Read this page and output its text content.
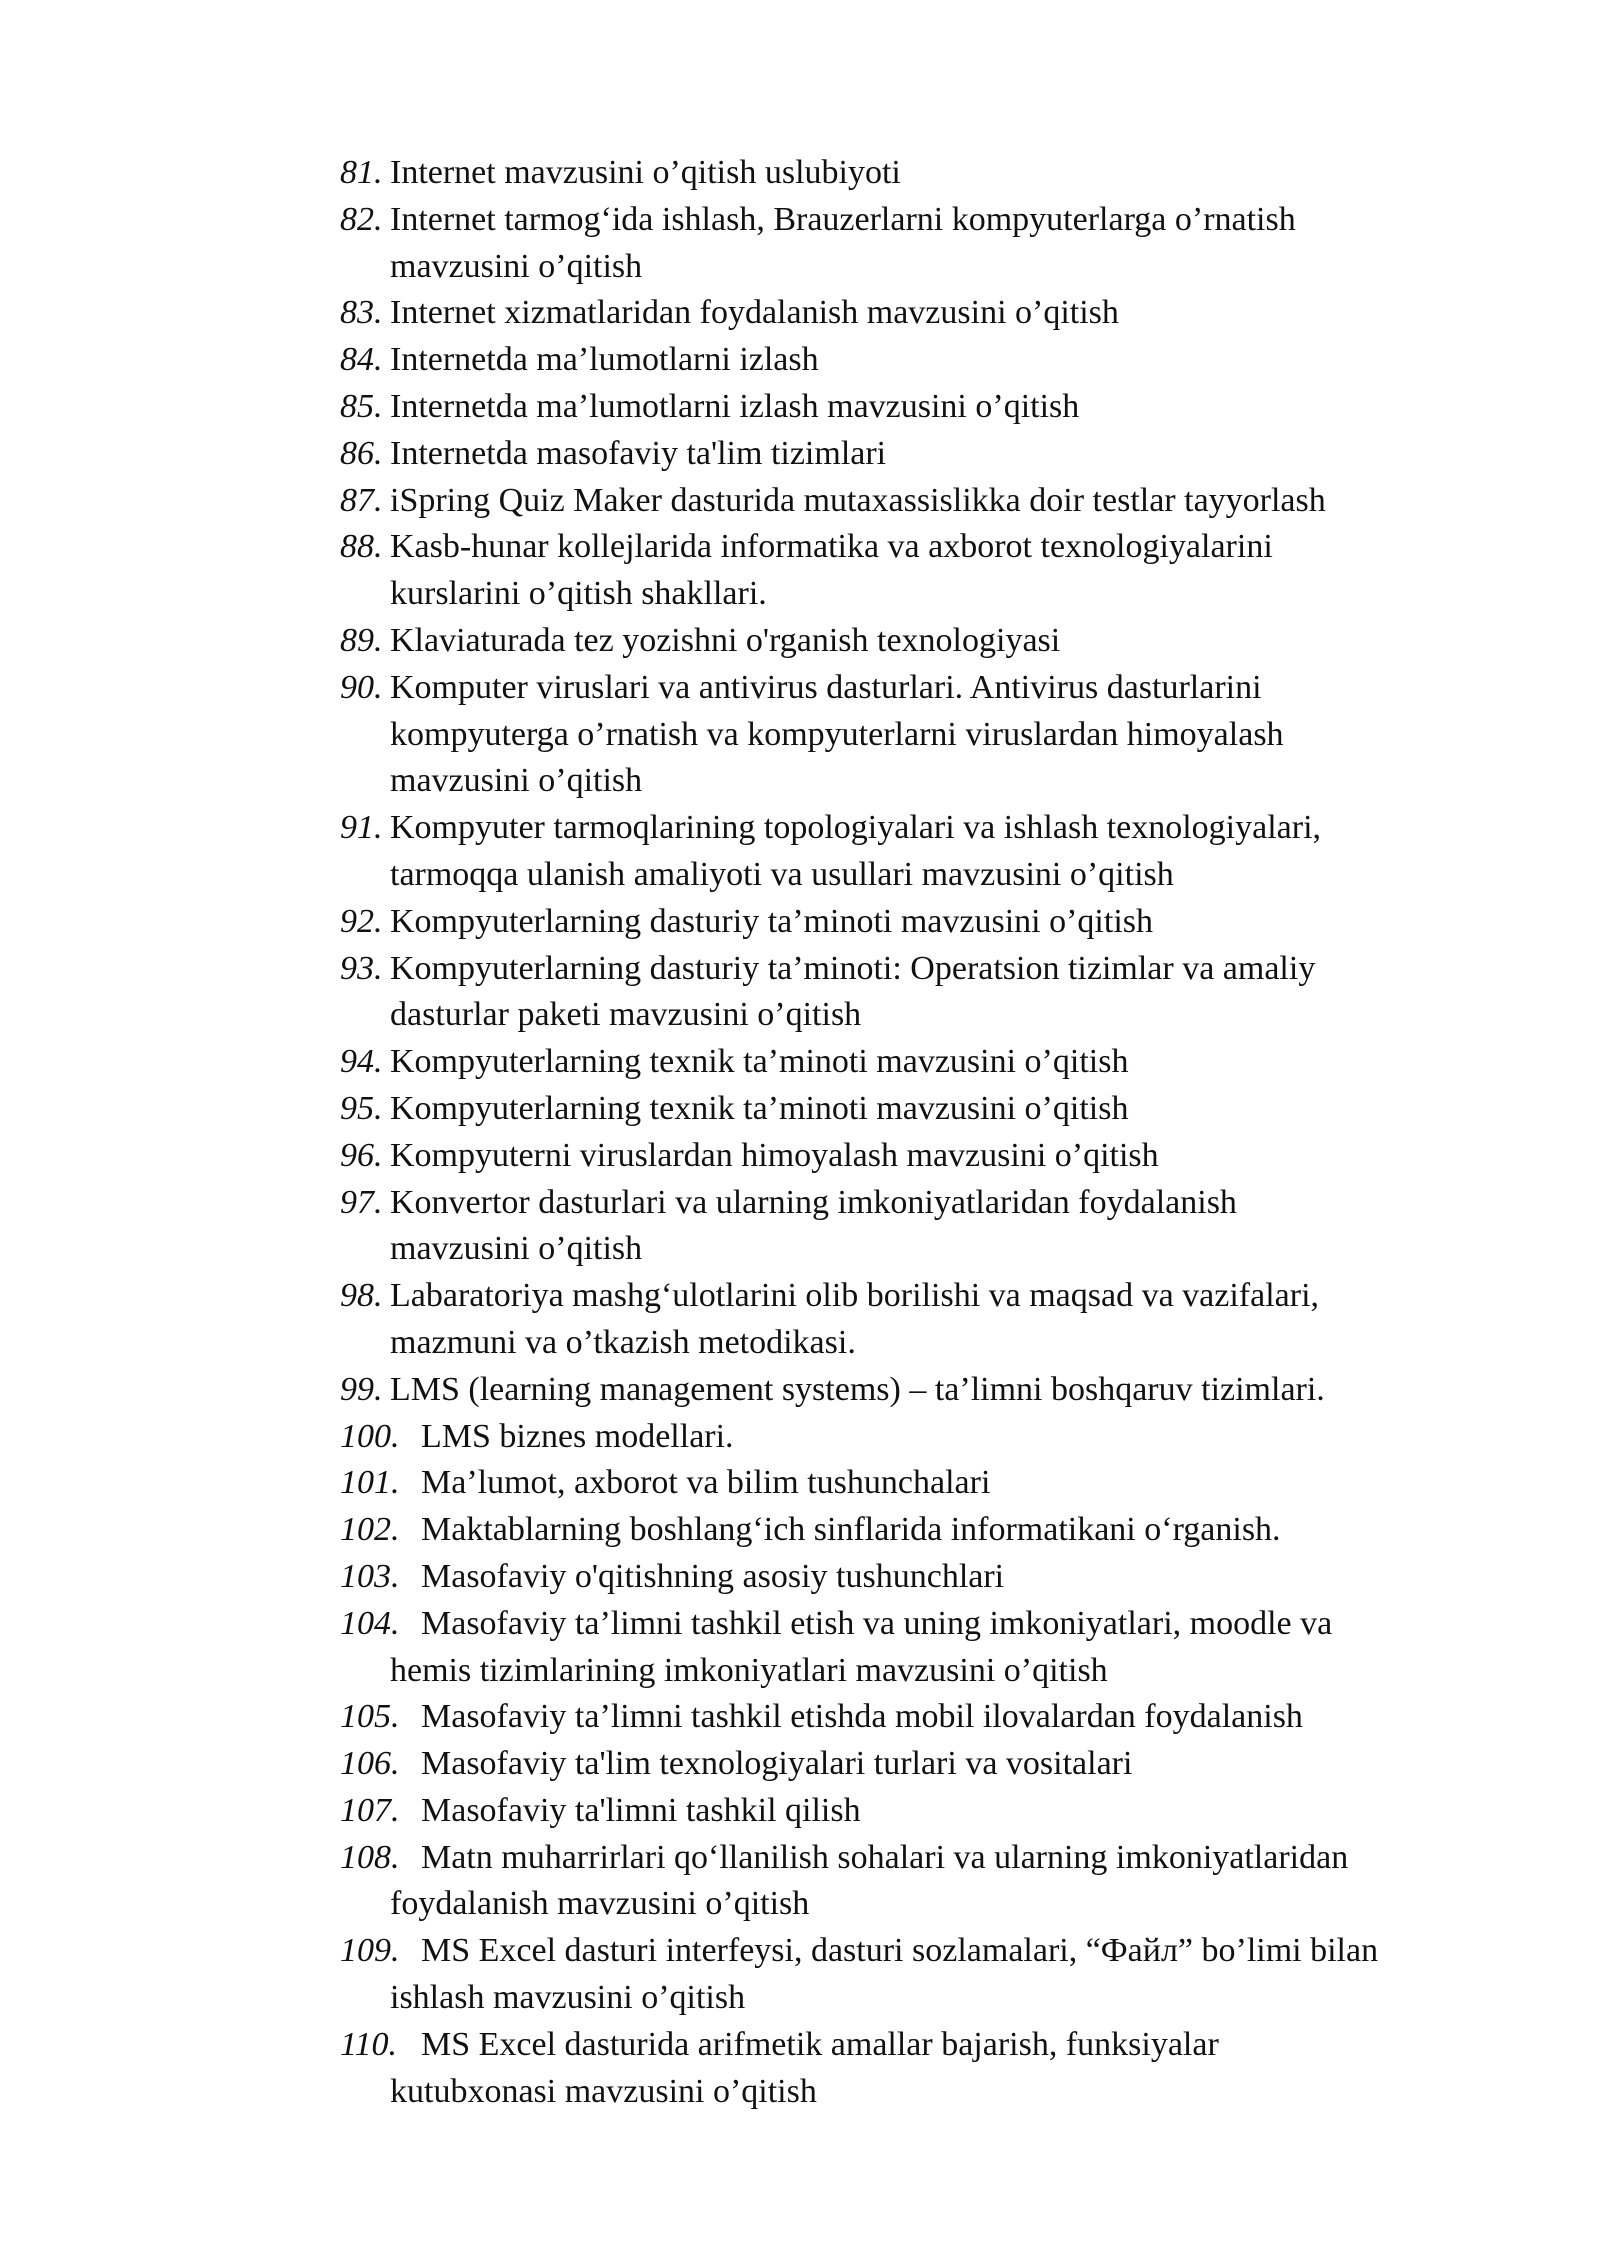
81. Internet mavzusini o’qitish uslubiyoti
82. Internet tarmog‘ida ishlash, Brauzerlarni kompyuterlarga o’rnatish
mavzusini o’qitish
83. Internet xizmatlaridan foydalanish mavzusini o’qitish
84. Internetda ma’lumotlarni izlash
85. Internetda ma’lumotlarni izlash mavzusini o’qitish
86. Internetda masofaviy ta'lim tizimlari
87. iSpring Quiz Maker dasturida mutaxassislikka doir testlar tayyorlash
88. Kasb-hunar kollejlarida informatika va axborot texnologiyalarini
kurslarini o’qitish shakllari.
89. Klaviaturada tez yozishni o'rganish texnologiyasi
90. Komputer viruslari va antivirus dasturlari. Antivirus dasturlarini
kompyuterga o’rnatish va kompyuterlarni viruslardan himoyalash
mavzusini o’qitish
91. Kompyuter tarmoqlarining topologiyalari va ishlash texnologiyalari,
tarmoqqa ulanish amaliyoti va usullari mavzusini o’qitish
92. Kompyuterlarning dasturiy ta’minoti mavzusini o’qitish
93. Kompyuterlarning dasturiy ta’minoti: Operatsion tizimlar va amaliy
dasturlar paketi mavzusini o’qitish
94. Kompyuterlarning texnik ta’minoti mavzusini o’qitish
95. Kompyuterlarning texnik ta’minoti mavzusini o’qitish
96. Kompyuterni viruslardan himoyalash mavzusini o’qitish
97. Konvertor dasturlari va ularning imkoniyatlaridan foydalanish
mavzusini o’qitish
98. Labaratoriya mashg‘ulotlarini olib borilishi va maqsad va vazifalari,
mazmuni va o’tkazish metodikasi.
99. LMS (learning management systems) – ta’limni boshqaruv tizimlari.
100. LMS biznes modellari.
101. Ma’lumot, axborot va bilim tushunchalari
102. Maktablarning boshlang‘ich sinflarida informatikani o‘rganish.
103. Masofaviy o'qitishning asosiy tushunchlari
104. Masofaviy ta’limni tashkil etish va uning imkoniyatlari, moodle va
hemis tizimlarining imkoniyatlari mavzusini o’qitish
105. Masofaviy ta’limni tashkil etishda mobil ilovalardan foydalanish
106. Masofaviy ta'lim texnologiyalari turlari va vositalari
107. Masofaviy ta'limni tashkil qilish
108. Matn muharrirlari qo‘llanilish sohalari va ularning imkoniyatlaridan
foydalanish mavzusini o’qitish
109. MS Excel dasturi interfeysi, dasturi sozlamalari, “Файл” bo’limi bilan
ishlash mavzusini o’qitish
110. MS Excel dasturida arifmetik amallar bajarish, funksiyalar
kutubxonasi mavzusini o’qitish
